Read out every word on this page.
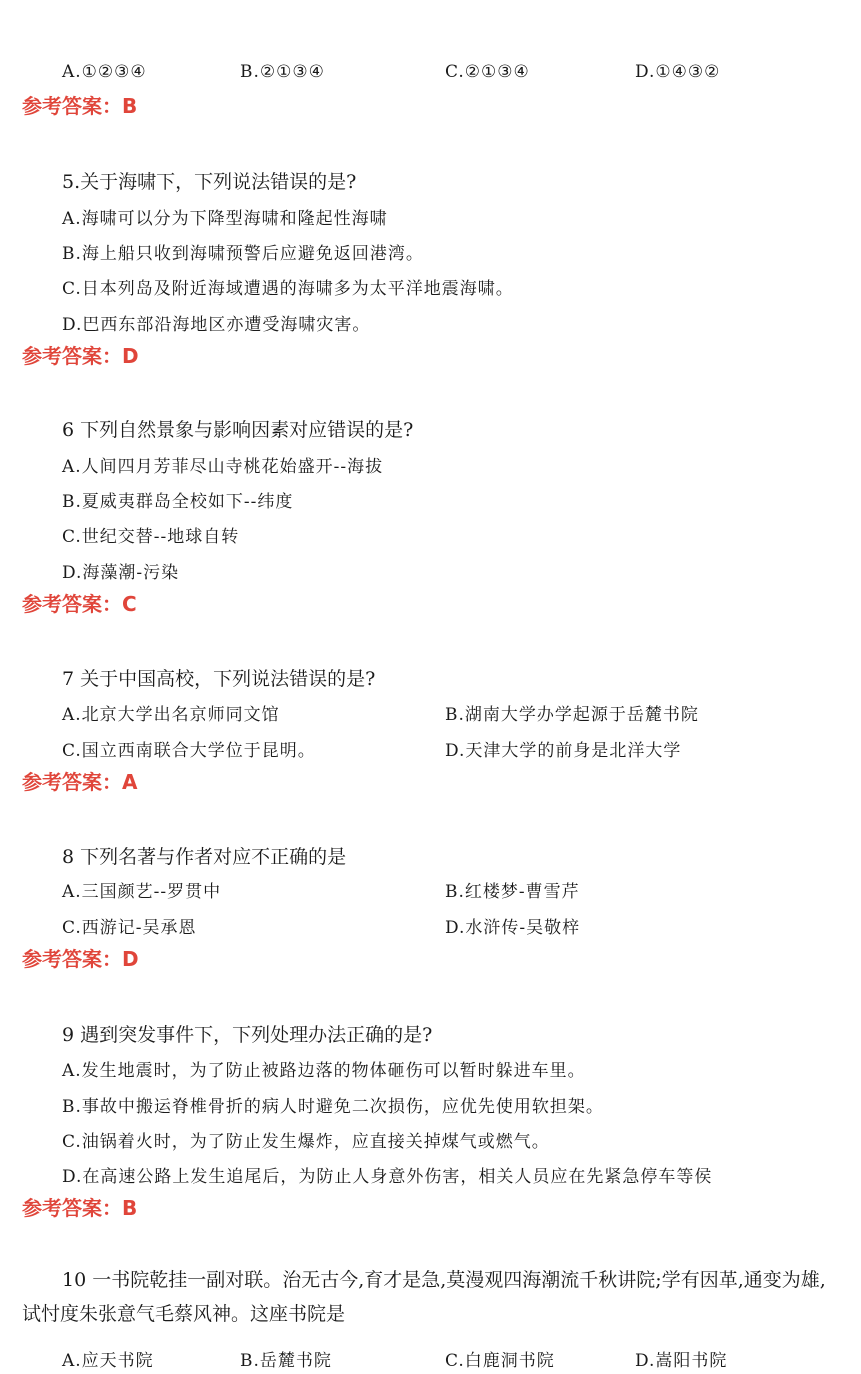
A.①②③④	B.②①③④	C.②①③④	D.①④③②
参考答案：B
5.关于海啸下，下列说法错误的是?
A.海啸可以分为下降型海啸和隆起性海啸
B.海上船只收到海啸预警后应避免返回港湾。
C.日本列岛及附近海域遭遇的海啸多为太平洋地震海啸。
D.巴西东部沿海地区亦遭受海啸灾害。
参考答案：D
6 下列自然景象与影响因素对应错误的是?
A.人间四月芳菲尽山寺桃花始盛开--海拔
B.夏威夷群岛全校如下--纬度
C.世纪交替--地球自转
D.海藻潮-污染
参考答案：C
7 关于中国高校，下列说法错误的是?
A.北京大学出名京师同文馆	B.湖南大学办学起源于岳麓书院
C.国立西南联合大学位于昆明。	D.天津大学的前身是北洋大学
参考答案：A
8 下列名著与作者对应不正确的是
A.三国颜艺--罗贯中	B.红楼梦-曹雪芹
C.西游记-吴承恩	D.水浒传-吴敬梓
参考答案：D
9 遇到突发事件下，下列处理办法正确的是?
A.发生地震时，为了防止被路边落的物体砸伤可以暂时躲进车里。
B.事故中搬运脊椎骨折的病人时避免二次损伤，应优先使用软担架。
C.油锅着火时，为了防止发生爆炸，应直接关掉煤气或燃气。
D.在高速公路上发生追尾后，为防止人身意外伤害，相关人员应在先紧急停车等侯
参考答案：B
10 一书院乾挂一副对联。治无古今,育才是急,莫漫观四海潮流千秋讲院;学有因革,通变为雄,试忖度朱张意气毛蔡风神。这座书院是
A.应天书院	B.岳麓书院	C.白鹿洞书院	D.嵩阳书院
